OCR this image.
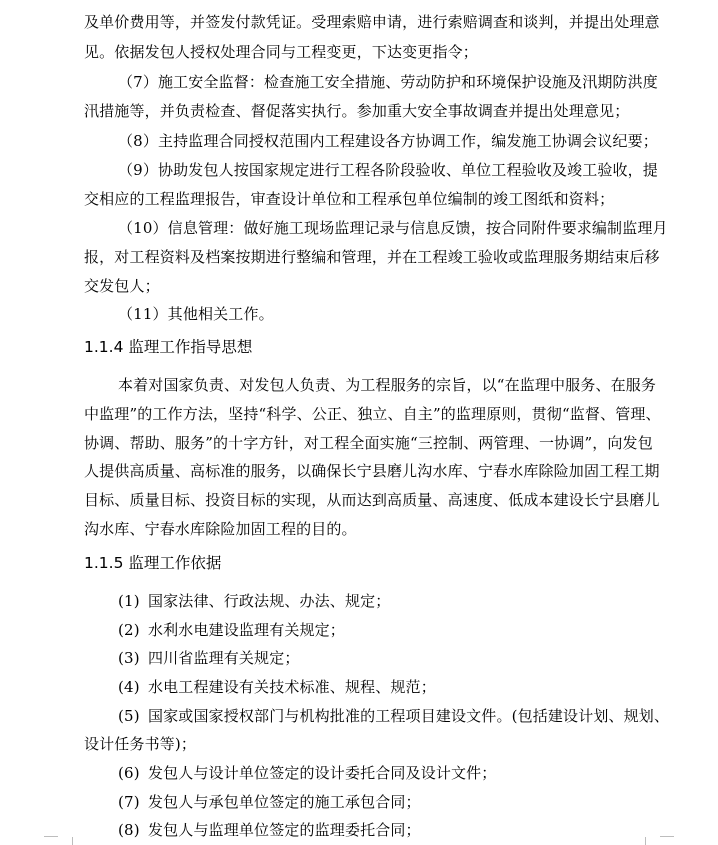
及单价费用等，并签发付款凭证。受理索赔申请，进行索赔调查和谈判，并提出处理意
见。依据发包人授权处理合同与工程变更，下达变更指令；
（7）施工安全监督：检查施工安全措施、劳动防护和环境保护设施及汛期防洪度
汛措施等，并负责检查、督促落实执行。参加重大安全事故调查并提出处理意见；
（8）主持监理合同授权范围内工程建设各方协调工作，编发施工协调会议纪要；
（9）协助发包人按国家规定进行工程各阶段验收、单位工程验收及竣工验收，提
交相应的工程监理报告，审查设计单位和工程承包单位编制的竣工图纸和资料；
（10）信息管理：做好施工现场监理记录与信息反馈，按合同附件要求编制监理月
报，对工程资料及档案按期进行整编和管理，并在工程竣工验收或监理服务期结束后移
交发包人；
（11）其他相关工作。
1.1.4 监理工作指导思想
本着对国家负责、对发包人负责、为工程服务的宗旨，以“在监理中服务、在服务
中监理”的工作方法，坚持“科学、公正、独立、自主”的监理原则，贯彻“监督、管理、
协调、帮助、服务”的十字方针，对工程全面实施“三控制、两管理、一协调”，向发包
人提供高质量、高标准的服务，以确保长宁县磨儿沟水库、宁春水库除险加固工程工期
目标、质量目标、投资目标的实现，从而达到高质量、高速度、低成本建设长宁县磨儿
沟水库、宁春水库除险加固工程的目的。
1.1.5 监理工作依据
(1) 国家法律、行政法规、办法、规定；
(2) 水利水电建设监理有关规定；
(3) 四川省监理有关规定；
(4) 水电工程建设有关技术标准、规程、规范；
(5) 国家或国家授权部门与机构批准的工程项目建设文件。(包括建设计划、规划、
设计任务书等)；
(6) 发包人与设计单位签定的设计委托合同及设计文件；
(7) 发包人与承包单位签定的施工承包合同；
(8) 发包人与监理单位签定的监理委托合同；
